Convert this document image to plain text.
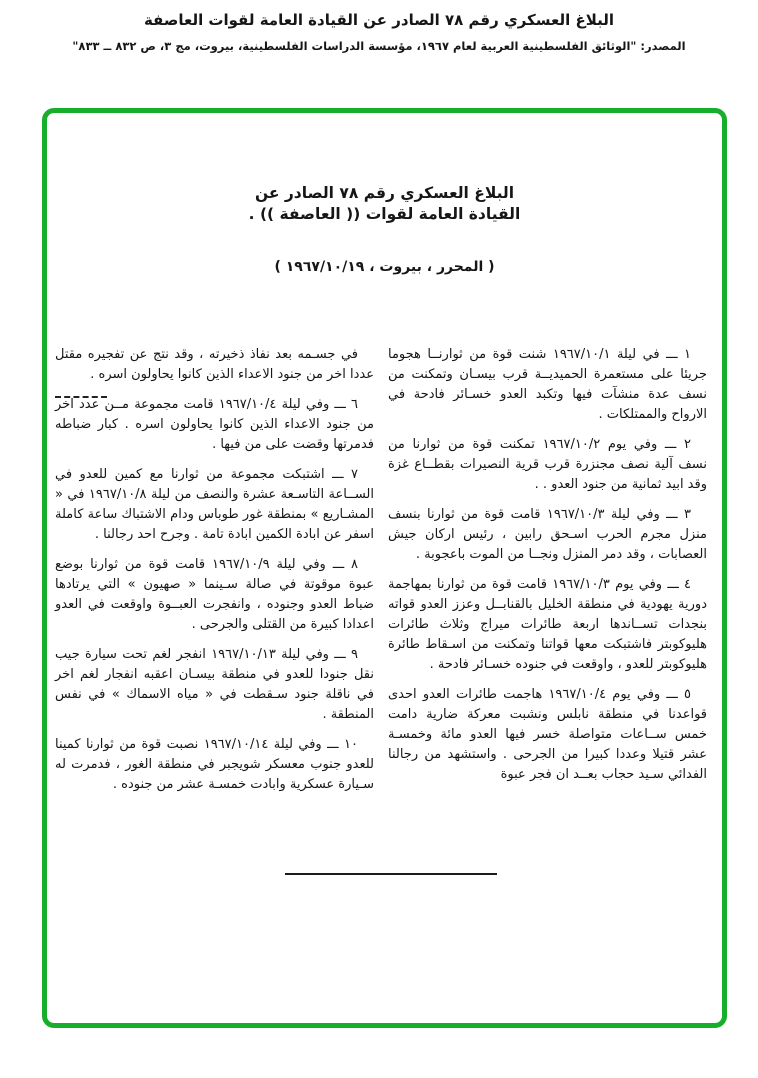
البلاغ العسكري رقم ٧٨ الصادر عن القيادة العامة لقوات العاصفة
المصدر: "الوثائق الفلسطينية العربية لعام ١٩٦٧، مؤسسة الدراسات الفلسطينية، بيروت، مج ٣، ص ٨٣٢ ــ ٨٣٣"
البلاغ العسكري رقم ٧٨ الصادر عن
القيادة العامة لقوات (( العاصفة )) .
( المحرر ، بيروت ، ١٩٦٧/١٠/١٩ )

١ ـــ في ليلة ١٩٦٧/١٠/١ شنت قوة من ثوارنــا هجوما جريئا على مستعمرة الحميديــة قرب بيسـان وتمكنت من نسف عدة منشآت فيها وتكبد العدو خسـائر فادحة في الارواح والممتلكات .

٢ ـــ وفي يوم ١٩٦٧/١٠/٢ تمكنت قوة من ثوارنا من نسف آلية نصف مجنزرة قرب قرية النصيرات بقطــاع غزة وقد ابيد ثمانية من جنود العدو . .

٣ ـــ وفي ليلة ١٩٦٧/١٠/٣ قامت قوة من ثوارنا بنسف منزل مجرم الحرب اسـحق رابين ، رئيس اركان جيش العصابات ، وقد دمر المنزل ونجــا من الموت باعجوبة .

٤ ـــ وفي يوم ١٩٦٧/١٠/٣ قامت قوة من ثوارنا بمهاجمة دورية يهودية في منطقة الخليل بالقنابــل وعزز العدو قواته بنجدات تســاندها اربعة طائرات ميراج وثلاث طائرات هليوكوبتر فاشتبكت معها قواتنا وتمكنت من اسـقاط طائرة هليوكوبتر للعدو ، واوقعت في جنوده خسـائر فادحة .

٥ ـــ وفي يوم ١٩٦٧/١٠/٤ هاجمت طائرات العدو احدى قواعدنا في منطقة نابلس ونشبت معركة ضارية دامت خمس ســاعات متواصلة خسر فيها العدو مائة وخمسـة عشر قتيلا وعددا كبيرا من الجرحى . واستشهد من رجالنا الفدائي سـيد حجاب بعــد ان فجر عبوة

في جسـمه بعد نفاذ ذخيرته ، وقد نتج عن تفجيره مقتل عددا اخر من جنود الاعداء الذين كانوا يحاولون اسره .

٦ ـــ وفي ليلة ١٩٦٧/١٠/٤ قامت مجموعة مــن عدد اخر من جنود الاعداء الذين كانوا يحاولون اسره . كبار ضباطه فدمرتها وقضت على من فيها .

٧ ـــ اشتبكت مجموعة من ثوارنا مع كمين للعدو في الســاعة التاسـعة عشرة والنصف من ليلة ١٩٦٧/١٠/٨ في « المشـاريع » بمنطقة غور طوباس ودام الاشتباك ساعة كاملة اسفر عن ابادة الكمين ابادة تامة . وجرح احد رجالنا .

٨ ـــ وفي ليلة ١٩٦٧/١٠/٩ قامت قوة من ثوارنا بوضع عبوة موقوتة في صالة سـينما « صهيون » التي يرتادها ضباط العدو وجنوده ، وانفجرت العبــوة واوقعت في العدو اعدادا كبيرة من القتلى والجرحى .

٩ ـــ وفي ليلة ١٩٦٧/١٠/١٣ انفجر لغم تحت سيارة جيب نقل جنودا للعدو في منطقة بيسـان اعقبه انفجار لغم اخر في ناقلة جنود سـقطت في « مياه الاسماك » في نفس المنطقة .

١٠ ـــ وفي ليلة ١٩٦٧/١٠/١٤ نصبت قوة من ثوارنا كمينا للعدو جنوب معسكر شويجبر في منطقة الغور ، فدمرت له سـيارة عسكرية وابادت خمسـة عشر من جنوده .
